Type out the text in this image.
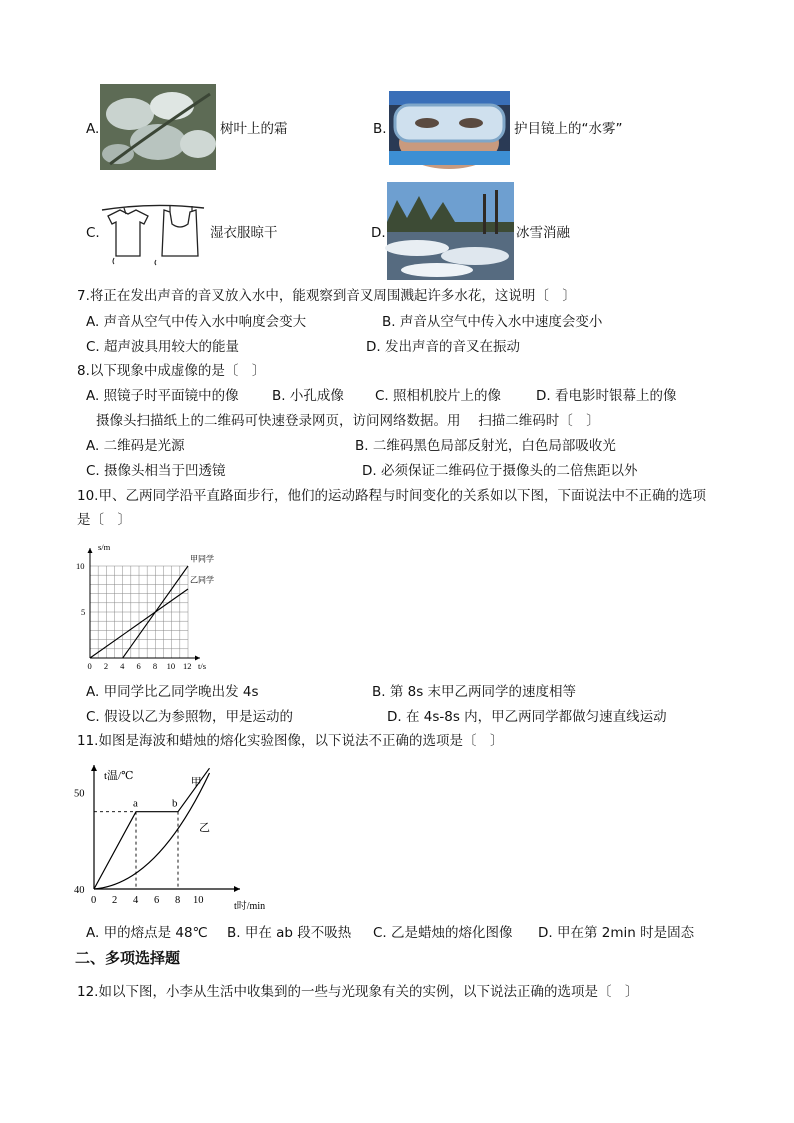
A.	树叶上的霜	B.	护目镜上的“水雾”
C.	湿衣服晾干	D.	冰雪消融
7.将正在发出声音的音叉放入水中，能观察到音叉周围溅起许多水花，这说明〔　〕
A. 声音从空气中传入水中响度会变大	B. 声音从空气中传入水中速度会变小
C. 超声波具用较大的能量	D. 发出声音的音叉在振动
8.以下现象中成虚像的是〔　〕
A. 照镜子时平面镜中的像 B. 小孔成像 C. 照相机胶片上的像	D. 看电影时银幕上的像
摄像头扫描纸上的二维码可快速登录网页，访问网络数据。用　 扫描二维码时〔　〕
A. 二维码是光源	B. 二维码黑色局部反射光，白色局部吸收光
C. 摄像头相当于凹透镜	D. 必须保证二维码位于摄像头的二倍焦距以外
10.甲、乙两同学沿平直路面步行，他们的运动路程与时间变化的关系如以下图，下面说法中不正确的选项
是〔　〕
甲同学
乙同学
0 2 4 6 8 10 12 t/s
5
10
s/m
A. 甲同学比乙同学晚出发 4s	B. 第 8s 末甲乙两同学的速度相等
C. 假设以乙为参照物，甲是运动的	D. 在 4s-8s 内，甲乙两同学都做匀速直线运动
11.如图是海波和蜡烛的熔化实验图像，以下说法不正确的选项是〔　〕
a	b
甲
乙
0 2 4 6 8 10
t时/min
40
50
t温/℃
A. 甲的熔点是 48℃ B. 甲在 ab 段不吸热 C. 乙是蜡烛的熔化图像 D. 甲在第 2min 时是固态
二、多项选择题
12.如以下图，小李从生活中收集到的一些与光现象有关的实例，以下说法正确的选项是〔　〕
